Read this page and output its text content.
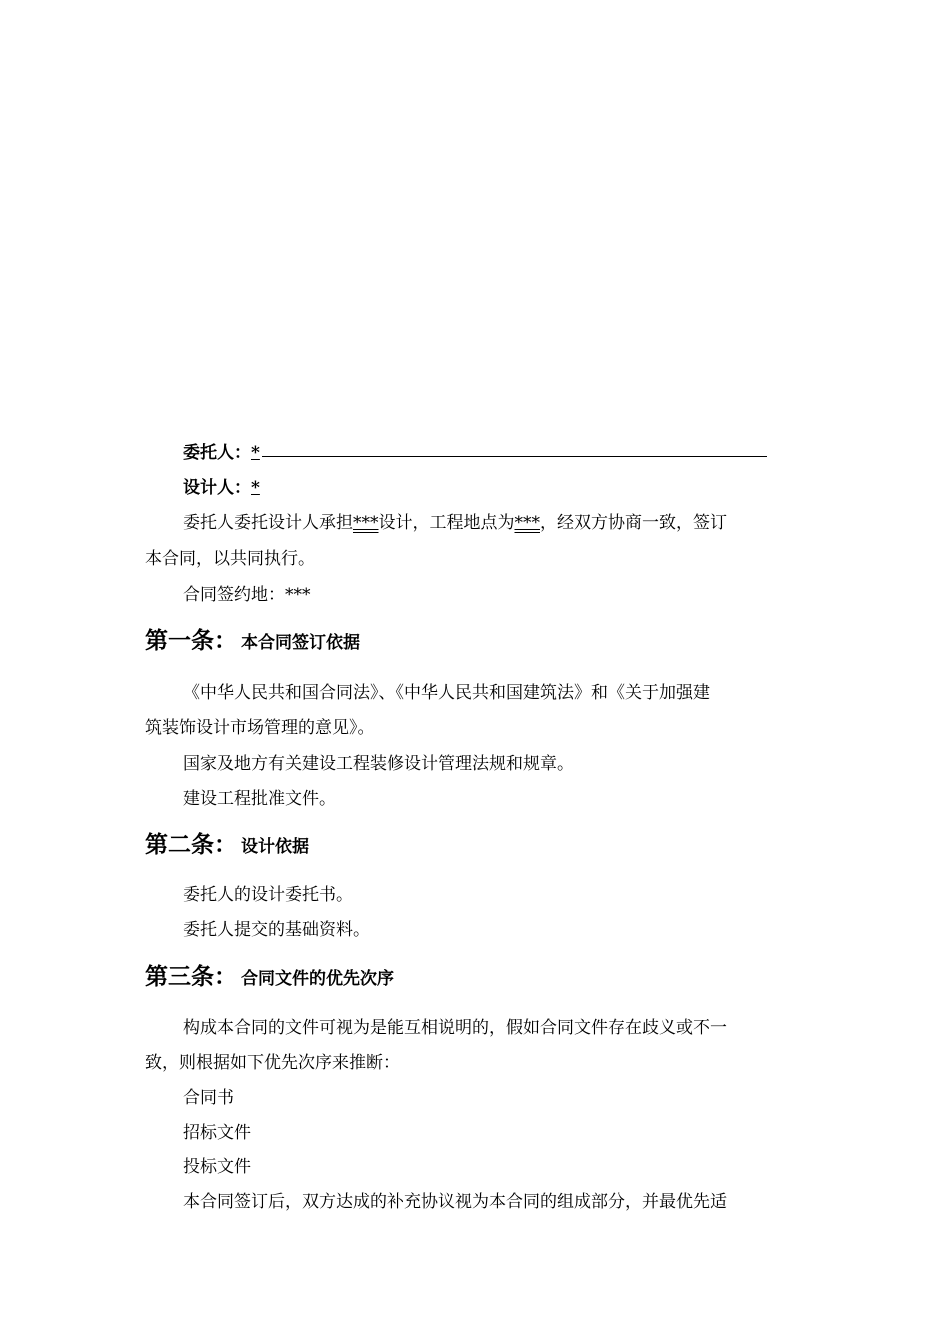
委托人：*
设计人：*
委托人委托设计人承担***设计，工程地点为***，经双方协商一致，签订
本合同，以共同执行。
合同签约地：***
第一条： 本合同签订依据
《中华人民共和国合同法》、《中华人民共和国建筑法》和《关于加强建
筑装饰设计市场管理的意见》。
国家及地方有关建设工程装修设计管理法规和规章。
建设工程批准文件。
第二条： 设计依据
委托人的设计委托书。
委托人提交的基础资料。
第三条： 合同文件的优先次序
构成本合同的文件可视为是能互相说明的，假如合同文件存在歧义或不一
致，则根据如下优先次序来推断：
合同书
招标文件
投标文件
本合同签订后，双方达成的补充协议视为本合同的组成部分，并最优先适
